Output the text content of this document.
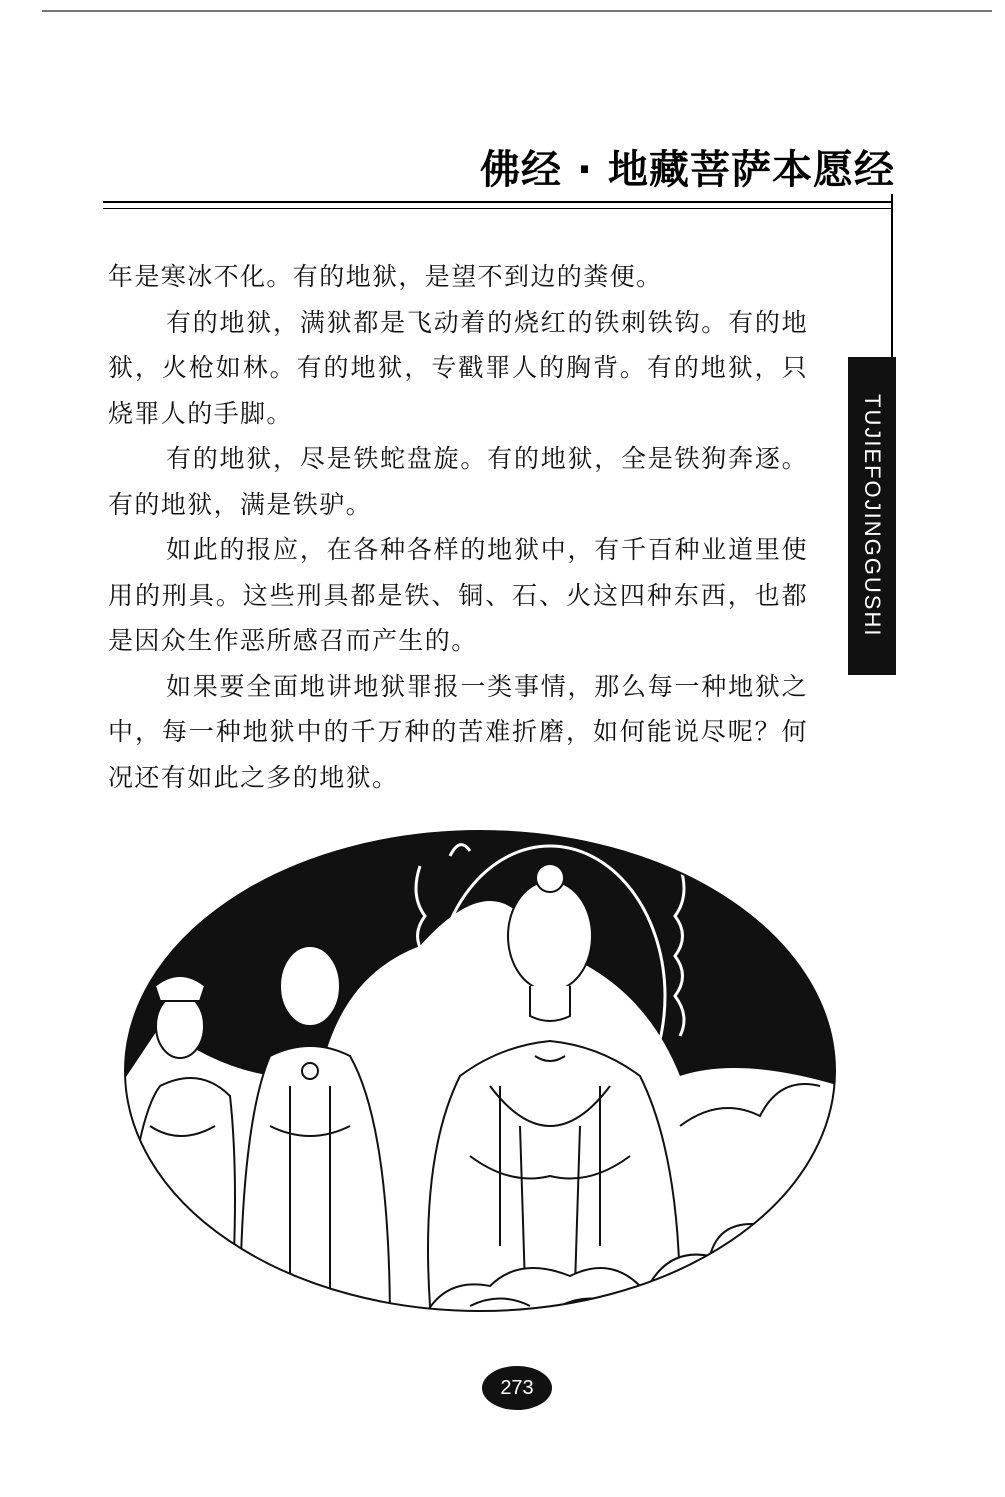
佛经 · 地藏菩萨本愿经
TUJIEFOJINGGUSHI

年是寒冰不化。有的地狱，是望不到边的粪便。

有的地狱，满狱都是飞动着的烧红的铁刺铁钩。有的地狱，火枪如林。有的地狱，专戳罪人的胸背。有的地狱，只烧罪人的手脚。

有的地狱，尽是铁蛇盘旋。有的地狱，全是铁狗奔逐。有的地狱，满是铁驴。

如此的报应，在各种各样的地狱中，有千百种业道里使用的刑具。这些刑具都是铁、铜、石、火这四种东西，也都是因众生作恶所感召而产生的。

如果要全面地讲地狱罪报一类事情，那么每一种地狱之中，每一种地狱中的千万种的苦难折磨，如何能说尽呢？何况还有如此之多的地狱。

273
